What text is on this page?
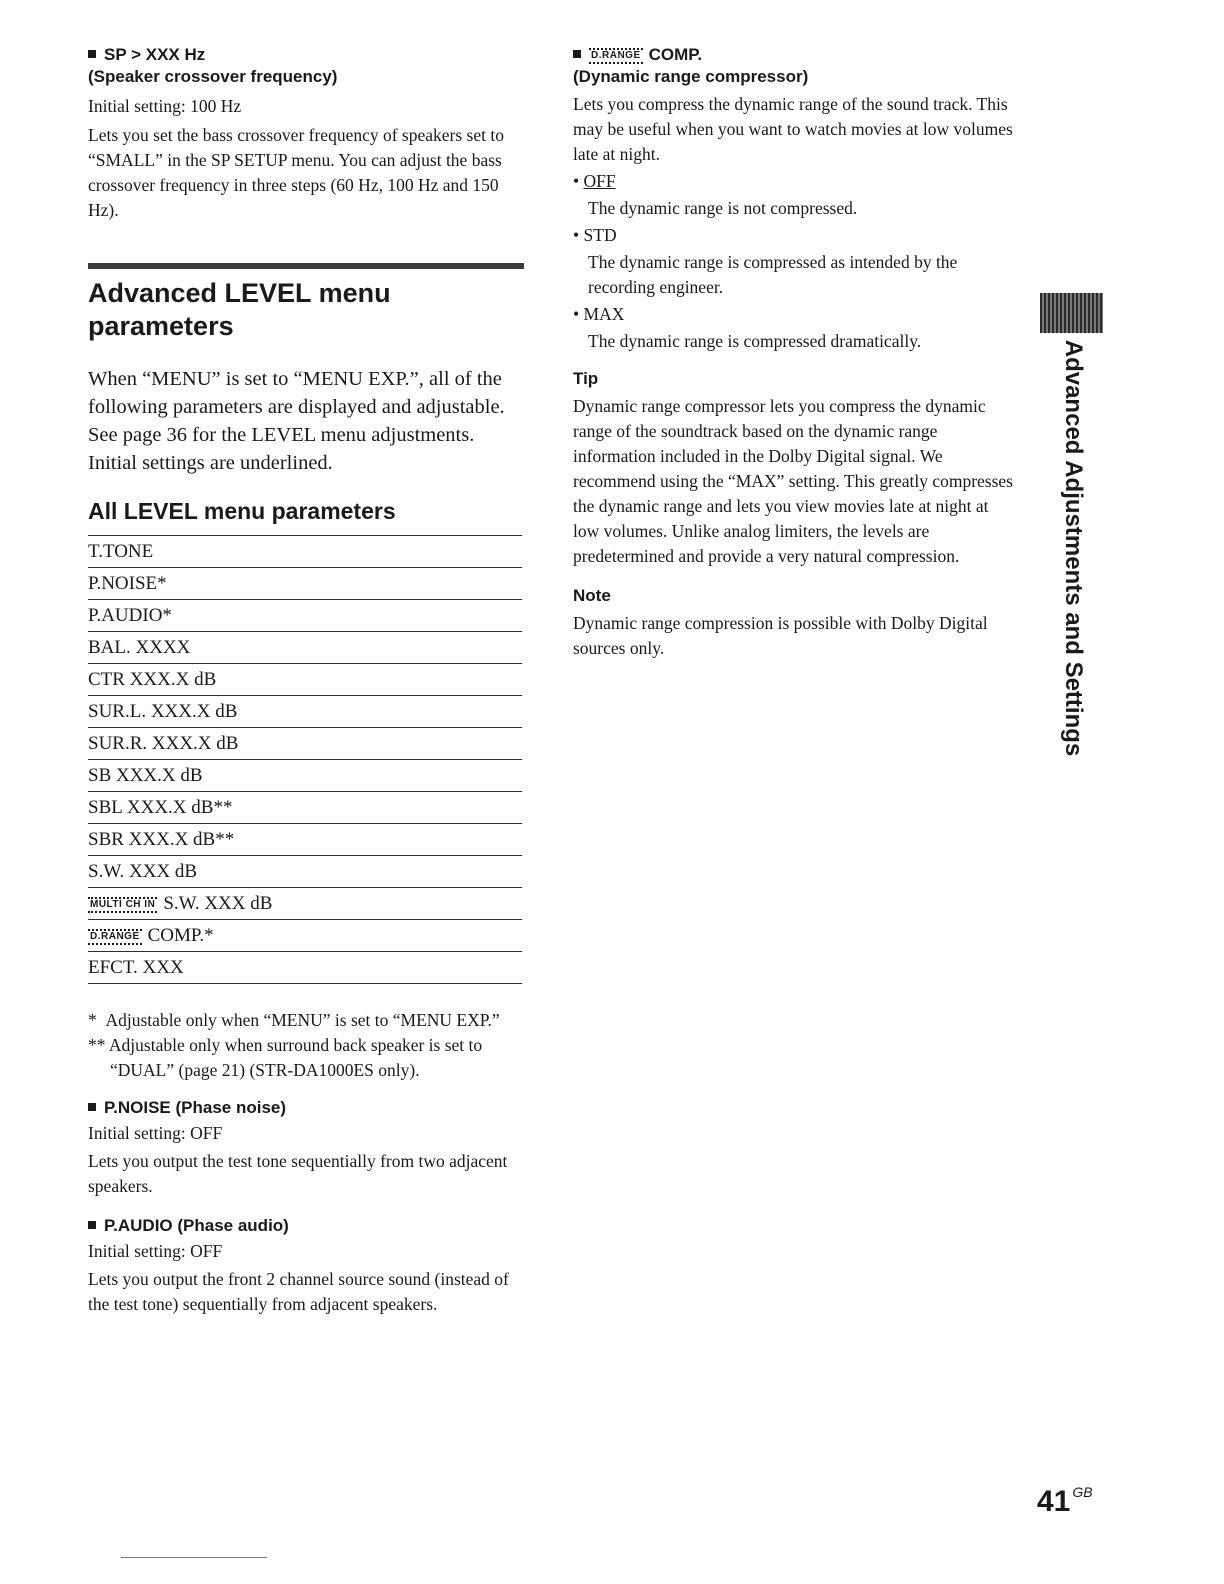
SP > XXX Hz

(Speaker crossover frequency)

Initial setting: 100 Hz

Lets you set the bass crossover frequency of speakers set to “SMALL” in the SP SETUP menu. You can adjust the bass crossover frequency in three steps (60 Hz, 100 Hz and 150 Hz).

Advanced LEVEL menu parameters

When “MENU” is set to “MENU EXP.”, all of the following parameters are displayed and adjustable.

See page 36 for the LEVEL menu adjustments.

Initial settings are underlined.

All LEVEL menu parameters
T.TONE
P.NOISE*
P.AUDIO*
BAL. XXXX
CTR XXX.X dB
SUR.L. XXX.X dB
SUR.R. XXX.X dB
SB XXX.X dB
SBL XXX.X dB**
SBR XXX.X dB**
S.W. XXX dB
MULTI CH IN S.W. XXX dB
D.RANGE COMP.*
EFCT. XXX

* Adjustable only when “MENU” is set to “MENU EXP.”

** Adjustable only when surround back speaker is set to “DUAL” (page 21) (STR-DA1000ES only).

P.NOISE (Phase noise)

Initial setting: OFF

Lets you output the test tone sequentially from two adjacent speakers.

P.AUDIO (Phase audio)

Initial setting: OFF

Lets you output the front 2 channel source sound (instead of the test tone) sequentially from adjacent speakers.

D.RANGE COMP.

(Dynamic range compressor)

Lets you compress the dynamic range of the sound track. This may be useful when you want to watch movies at low volumes late at night.

• OFF

The dynamic range is not compressed.

• STD

The dynamic range is compressed as intended by the recording engineer.

• MAX

The dynamic range is compressed dramatically.

Tip

Dynamic range compressor lets you compress the dynamic range of the soundtrack based on the dynamic range information included in the Dolby Digital signal. We recommend using the “MAX” setting. This greatly compresses the dynamic range and lets you view movies late at night at low volumes. Unlike analog limiters, the levels are predetermined and provide a very natural compression.

Note

Dynamic range compression is possible with Dolby Digital sources only.	Advanced Adjustments and Settings
41 $^{GB}$
